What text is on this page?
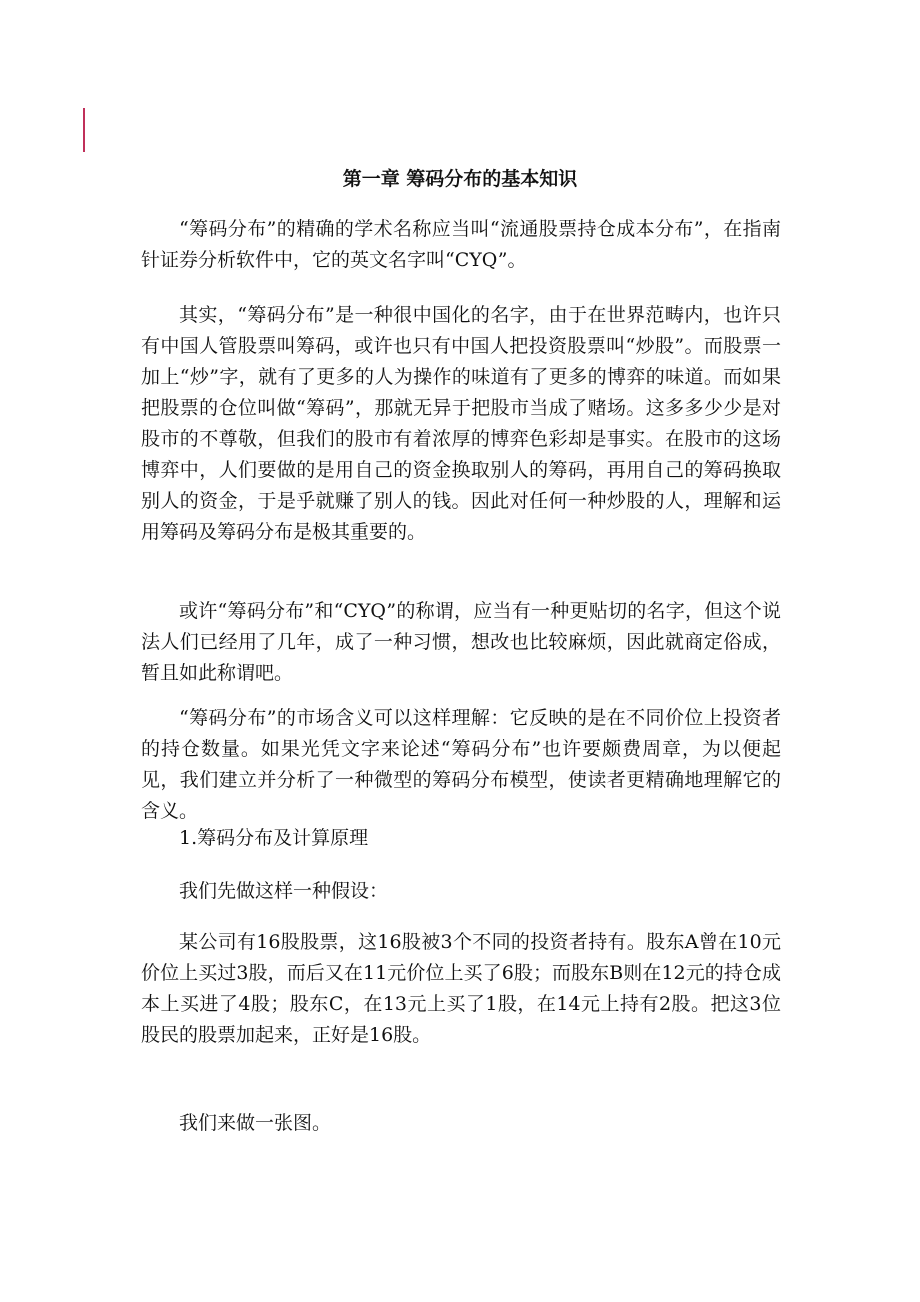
第一章 筹码分布的基本知识

“筹码分布”的精确的学术名称应当叫“流通股票持仓成本分布”，在指南针证券分析软件中，它的英文名字叫“CYQ”。

其实，“筹码分布”是一种很中国化的名字，由于在世界范畴内，也许只有中国人管股票叫筹码，或许也只有中国人把投资股票叫“炒股”。而股票一加上“炒”字，就有了更多的人为操作的味道有了更多的博弈的味道。而如果把股票的仓位叫做“筹码”，那就无异于把股市当成了赌场。这多多少少是对股市的不尊敬，但我们的股市有着浓厚的博弈色彩却是事实。在股市的这场博弈中，人们要做的是用自己的资金换取别人的筹码，再用自己的筹码换取别人的资金，于是乎就赚了别人的钱。因此对任何一种炒股的人，理解和运用筹码及筹码分布是极其重要的。

或许“筹码分布”和“CYQ”的称谓，应当有一种更贴切的名字，但这个说法人们已经用了几年，成了一种习惯，想改也比较麻烦，因此就商定俗成，暂且如此称谓吧。

“筹码分布”的市场含义可以这样理解：它反映的是在不同价位上投资者的持仓数量。如果光凭文字来论述“筹码分布”也许要颇费周章，为以便起见，我们建立并分析了一种微型的筹码分布模型，使读者更精确地理解它的含义。

1.筹码分布及计算原理

我们先做这样一种假设：

某公司有16股股票，这16股被3个不同的投资者持有。股东A曾在10元价位上买过3股，而后又在11元价位上买了6股；而股东B则在12元的持仓成本上买进了4股；股东C，在13元上买了1股，在14元上持有2股。把这3位股民的股票加起来，正好是16股。

我们来做一张图。
